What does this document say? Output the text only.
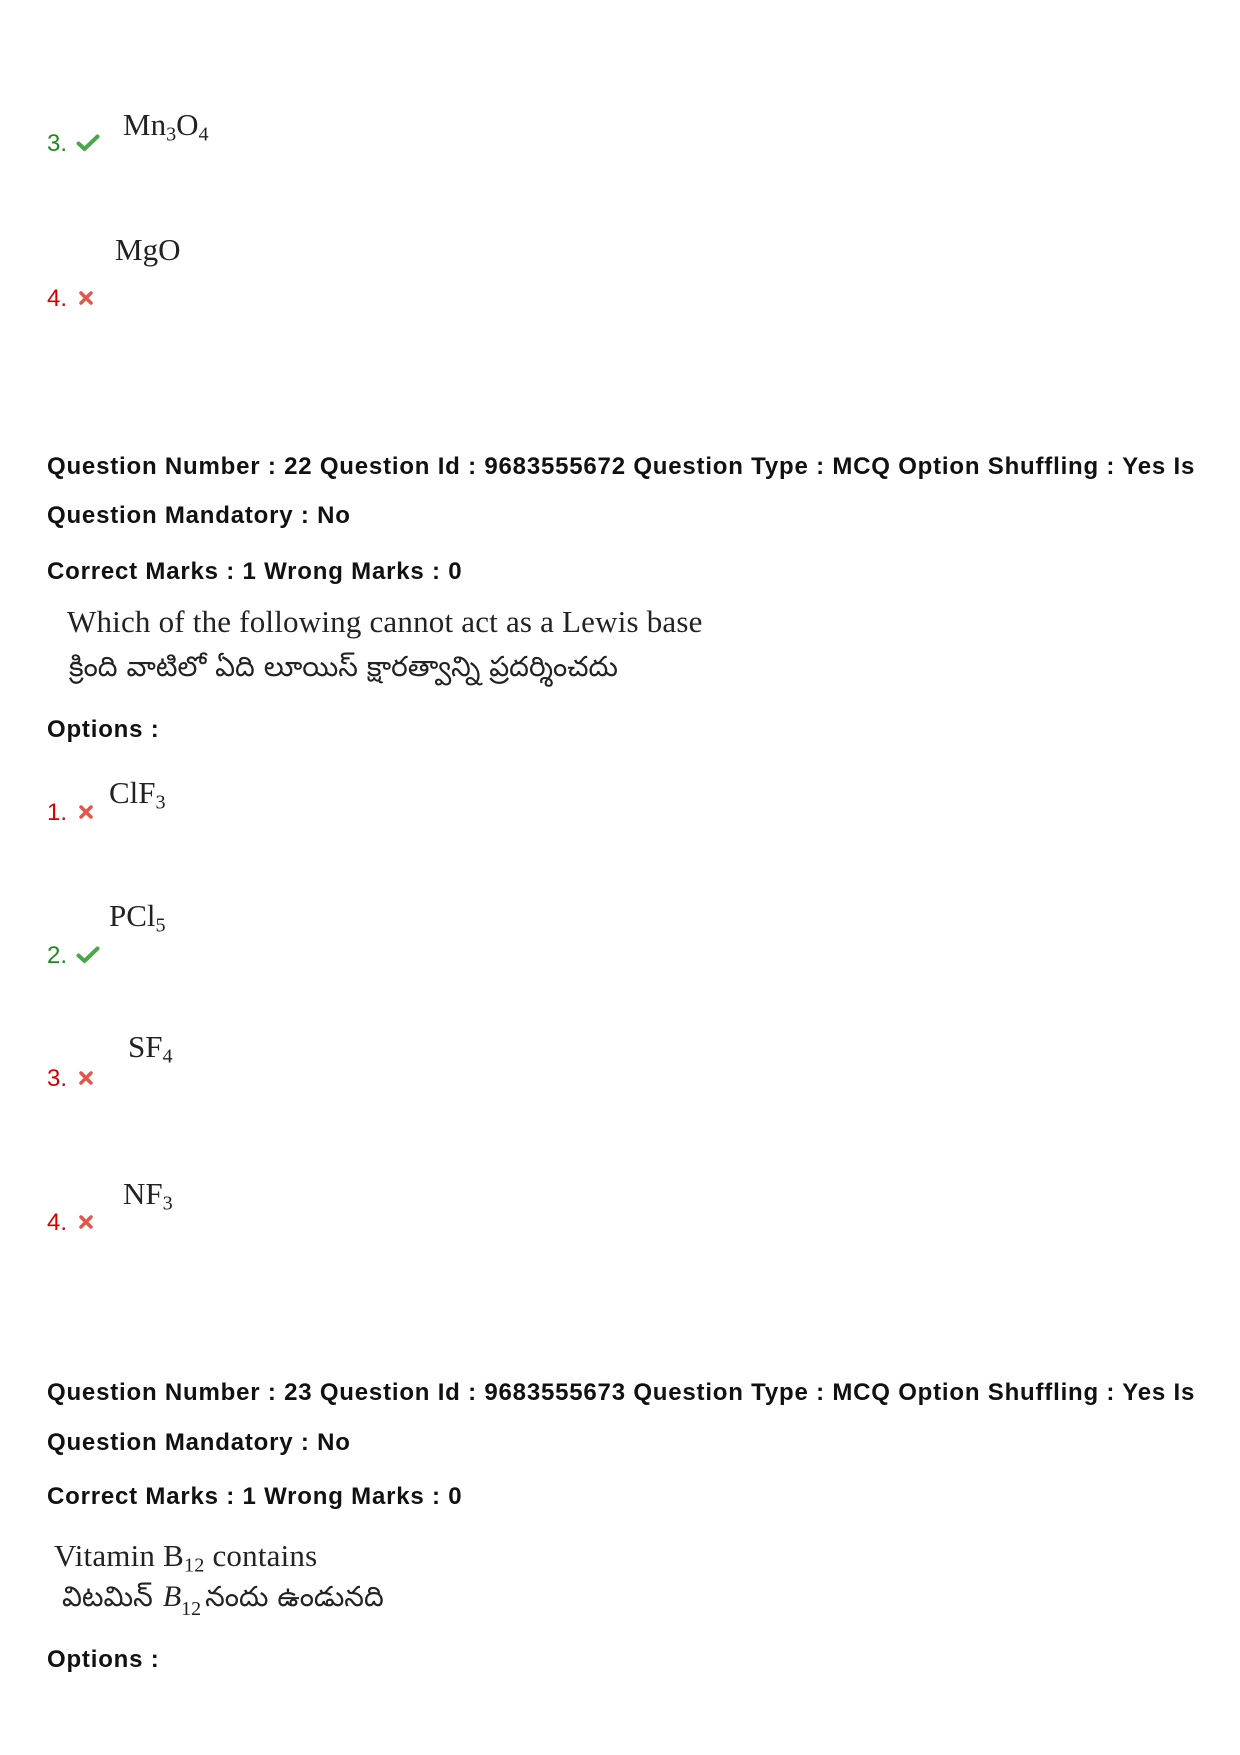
3.
$Mn_3O_4$
MgO
4.
Question Number : 22 Question Id : 9683555672 Question Type : MCQ Option Shuffling : Yes Is
Question Mandatory : No
Correct Marks : 1 Wrong Marks : 0
Which of the following cannot act as a Lewis base
క్రింది వాటిలో ఏది లూయిస్ క్షారత్వాన్ని ప్రదర్శించదు
Options :
ClF$_3$
1.
PCl$_5$
2.
$SF_4$
3.
$NF_3$
4.
Question Number : 23 Question Id : 9683555673 Question Type : MCQ Option Shuffling : Yes Is
Question Mandatory : No
Correct Marks : 1 Wrong Marks : 0
Vitamin $B_{12}$ contains
విటమిన్ $B_{12}$ నందు ఉండునది
Options :
